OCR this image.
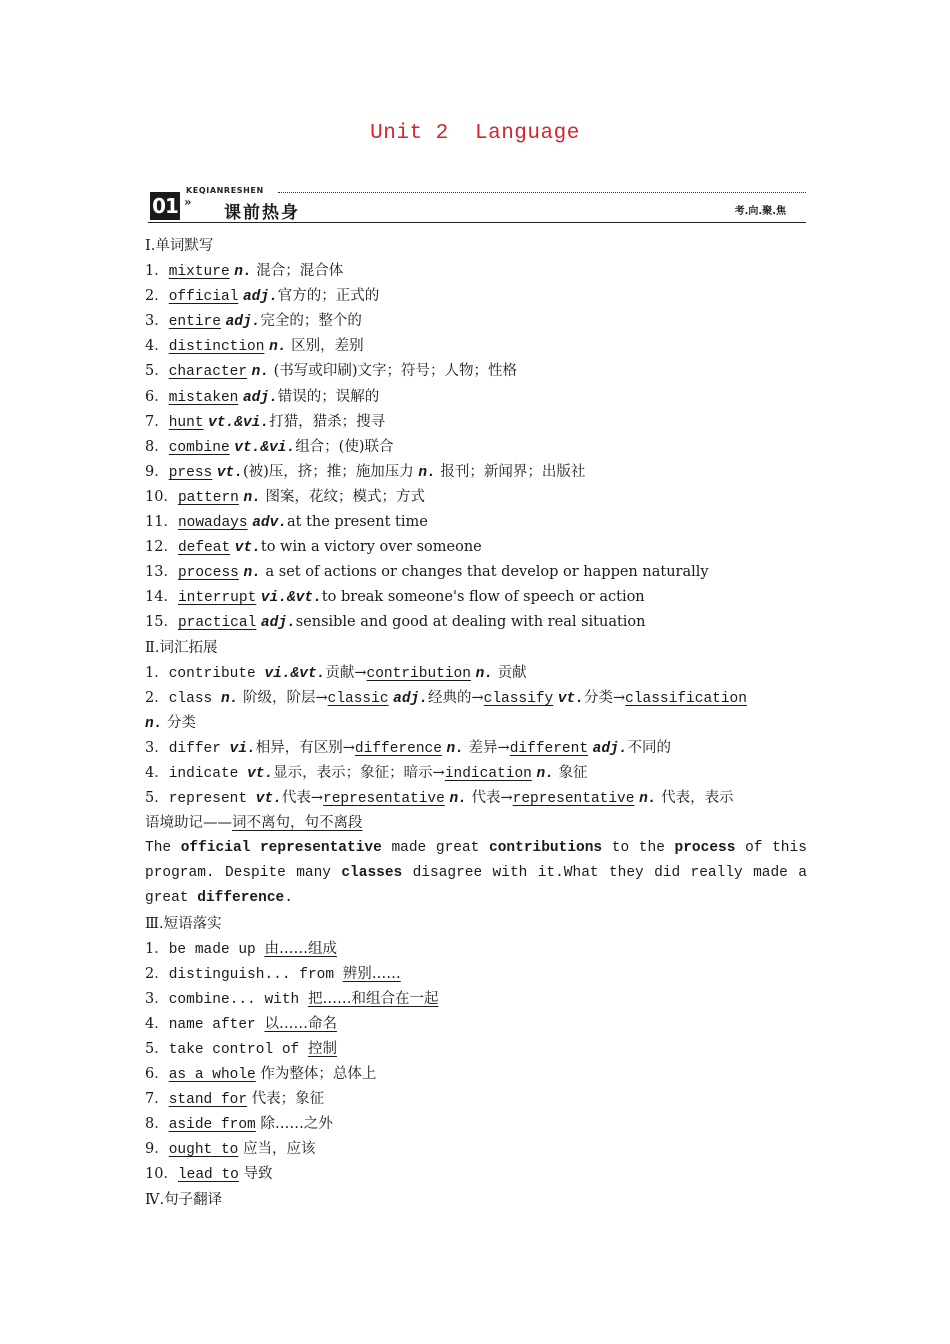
Unit 2  Language
KEQIANRESHEN
01 »
课前热身	考.向.聚.焦
Ⅰ.单词默写
1．mixture n. 混合；混合体
2．official adj.官方的；正式的
3．entire adj.完全的；整个的
4．distinction n. 区别，差别
5．character n. (书写或印刷)文字；符号；人物；性格
6．mistaken adj.错误的；误解的
7．hunt vt.&vi.打猎，猎杀；搜寻
8．combine vt.&vi.组合；(使)联合
9．press vt.(被)压，挤；推；施加压力 n. 报刊；新闻界；出版社
10．pattern n. 图案，花纹；模式；方式
11．nowadays adv.at the present time
12．defeat vt.to win a victory over someone
13．process n. a set of actions or changes that develop or happen naturally
14．interrupt vi.&vt.to break someone's flow of speech or action
15．practical adj.sensible and good at dealing with real situation
Ⅱ.词汇拓展
1．contribute vi.&vt.贡献→contribution n. 贡献
2．class n. 阶级，阶层→classic adj.经典的→classify vt.分类→classification
n. 分类
3．differ vi.相异，有区别→difference n. 差异→different adj.不同的
4．indicate vt.显示，表示；象征；暗示→indication n. 象征
5．represent vt.代表→representative n. 代表→representative n. 代表，表示
语境助记——词不离句，句不离段
The official representative made great contributions to the process of this
program. Despite many classes disagree with it.What they did really made a
great difference.
Ⅲ.短语落实
1．be made up 由……组成
2．distinguish... from 辨别……
3．combine... with 把……和组合在一起
4．name after 以……命名
5．take control of 控制
6．as a whole 作为整体；总体上
7．stand for 代表；象征
8．aside from 除……之外
9．ought to 应当，应该
10．lead to 导致
Ⅳ.句子翻译
